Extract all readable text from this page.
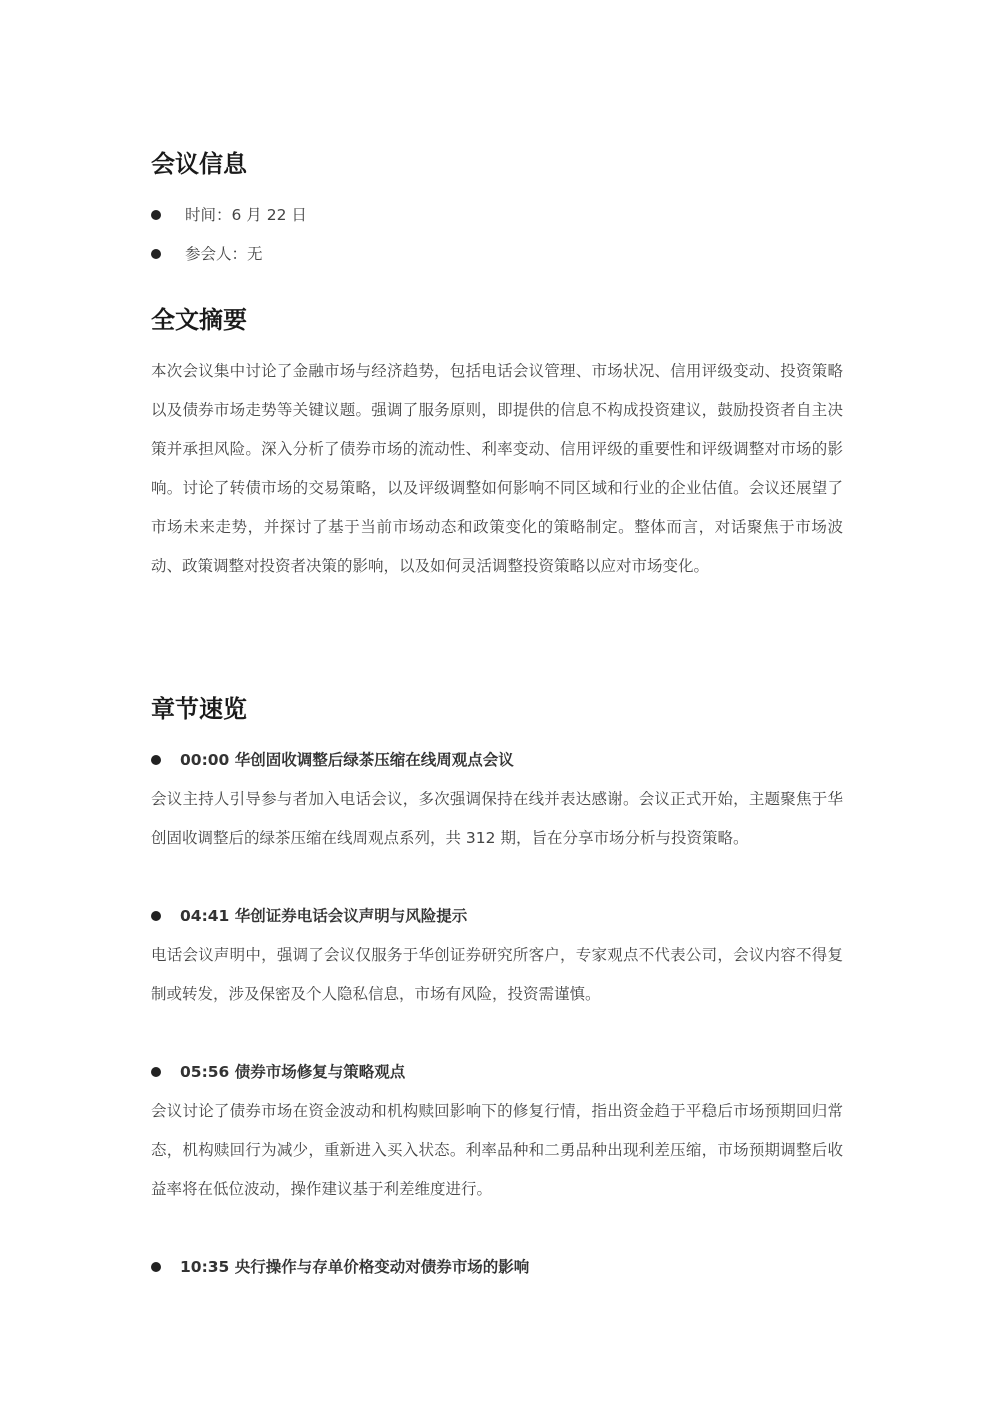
会议信息
时间：6 月 22 日
参会人：无
全文摘要

本次会议集中讨论了金融市场与经济趋势，包括电话会议管理、市场状况、信用评级变动、投资策略以及债券市场走势等关键议题。强调了服务原则，即提供的信息不构成投资建议，鼓励投资者自主决策并承担风险。深入分析了债券市场的流动性、利率变动、信用评级的重要性和评级调整对市场的影响。讨论了转债市场的交易策略，以及评级调整如何影响不同区域和行业的企业估值。会议还展望了市场未来走势，并探讨了基于当前市场动态和政策变化的策略制定。整体而言，对话聚焦于市场波动、政策调整对投资者决策的影响，以及如何灵活调整投资策略以应对市场变化。

章节速览
00:00 华创固收调整后绿茶压缩在线周观点会议

会议主持人引导参与者加入电话会议，多次强调保持在线并表达感谢。会议正式开始，主题聚焦于华创固收调整后的绿茶压缩在线周观点系列，共 312 期，旨在分享市场分析与投资策略。

04:41 华创证券电话会议声明与风险提示

电话会议声明中，强调了会议仅服务于华创证券研究所客户，专家观点不代表公司，会议内容不得复制或转发，涉及保密及个人隐私信息，市场有风险，投资需谨慎。

05:56 债券市场修复与策略观点

会议讨论了债券市场在资金波动和机构赎回影响下的修复行情，指出资金趋于平稳后市场预期回归常态，机构赎回行为减少，重新进入买入状态。利率品种和二勇品种出现利差压缩，市场预期调整后收益率将在低位波动，操作建议基于利差维度进行。

10:35 央行操作与存单价格变动对债券市场的影响
